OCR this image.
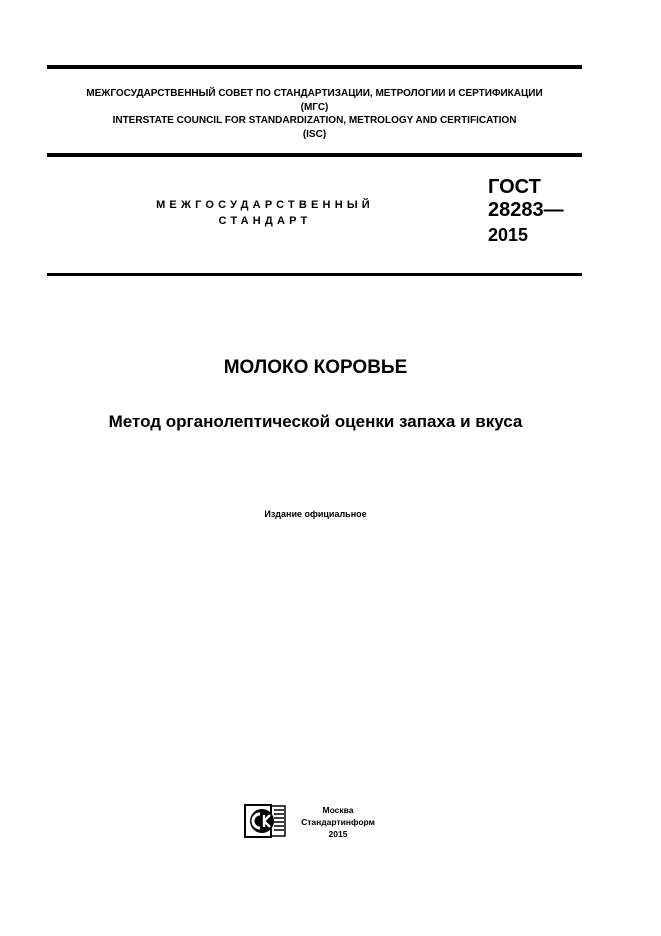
МЕЖГОСУДАРСТВЕННЫЙ СОВЕТ ПО СТАНДАРТИЗАЦИИ, МЕТРОЛОГИИ И СЕРТИФИКАЦИИ
(МГС)
INTERSTATE COUNCIL FOR STANDARDIZATION, METROLOGY AND CERTIFICATION
(ISC)
МЕЖГОСУДАРСТВЕННЫЙ
СТАНДАРТ
ГОСТ
28283—
2015
МОЛОКО КОРОВЬЕ
Метод органолептической оценки запаха и вкуса
Издание официальное
Москва
Стандартинформ
2015
